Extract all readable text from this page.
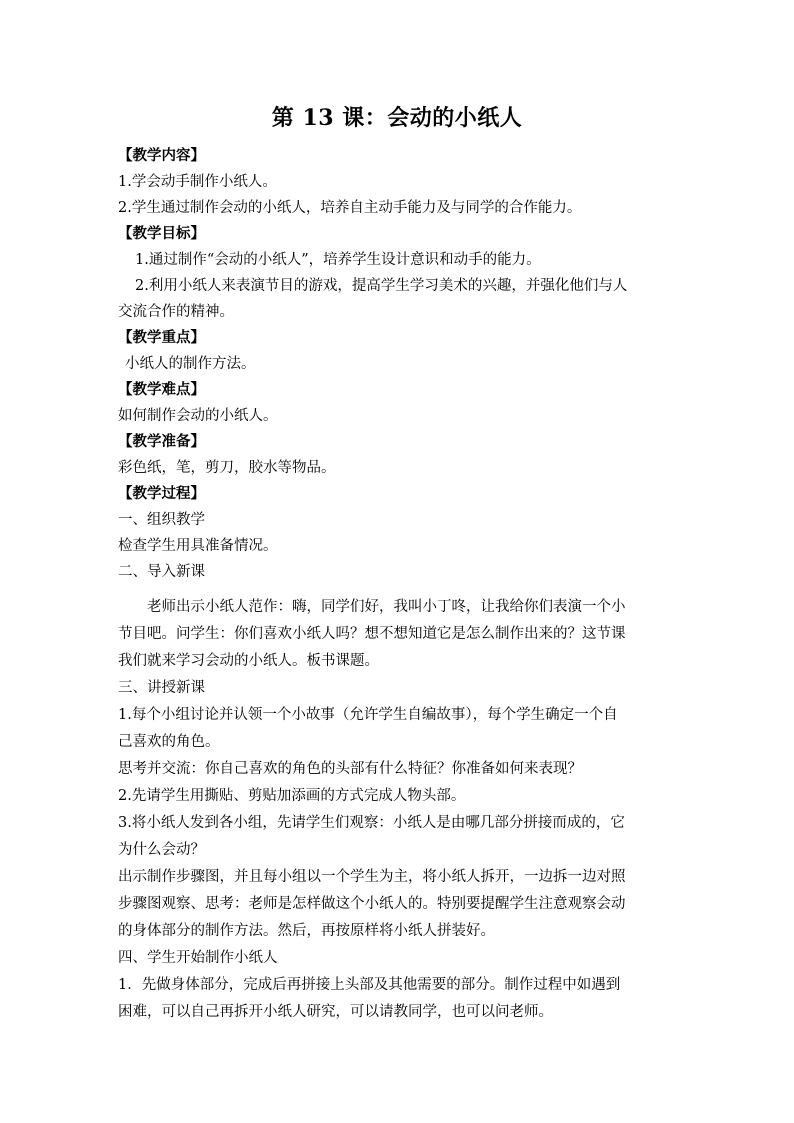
第 13 课：会动的小纸人
【教学内容】
1.学会动手制作小纸人。
2.学生通过制作会动的小纸人，培养自主动手能力及与同学的合作能力。
【教学目标】
1.通过制作“会动的小纸人”，培养学生设计意识和动手的能力。
2.利用小纸人来表演节目的游戏，提高学生学习美术的兴趣，并强化他们与人
交流合作的精神。
【教学重点】
小纸人的制作方法。
【教学难点】
如何制作会动的小纸人。
【教学准备】
彩色纸，笔，剪刀，胶水等物品。
【教学过程】
一、组织教学
检查学生用具准备情况。
二、导入新课
老师出示小纸人范作：嗨，同学们好，我叫小丁咚，让我给你们表演一个小
节目吧。问学生：你们喜欢小纸人吗？想不想知道它是怎么制作出来的？这节课
我们就来学习会动的小纸人。板书课题。
三、讲授新课
1.每个小组讨论并认领一个小故事（允许学生自编故事），每个学生确定一个自
己喜欢的角色。
思考并交流：你自己喜欢的角色的头部有什么特征？你准备如何来表现？
2.先请学生用撕贴、剪贴加添画的方式完成人物头部。
3.将小纸人发到各小组，先请学生们观察：小纸人是由哪几部分拼接而成的，它
为什么会动？
出示制作步骤图，并且每小组以一个学生为主，将小纸人拆开，一边拆一边对照
步骤图观察、思考：老师是怎样做这个小纸人的。特别要提醒学生注意观察会动
的身体部分的制作方法。然后，再按原样将小纸人拼装好。
四、学生开始制作小纸人
1．先做身体部分，完成后再拼接上头部及其他需要的部分。制作过程中如遇到
困难，可以自己再拆开小纸人研究，可以请教同学，也可以问老师。
